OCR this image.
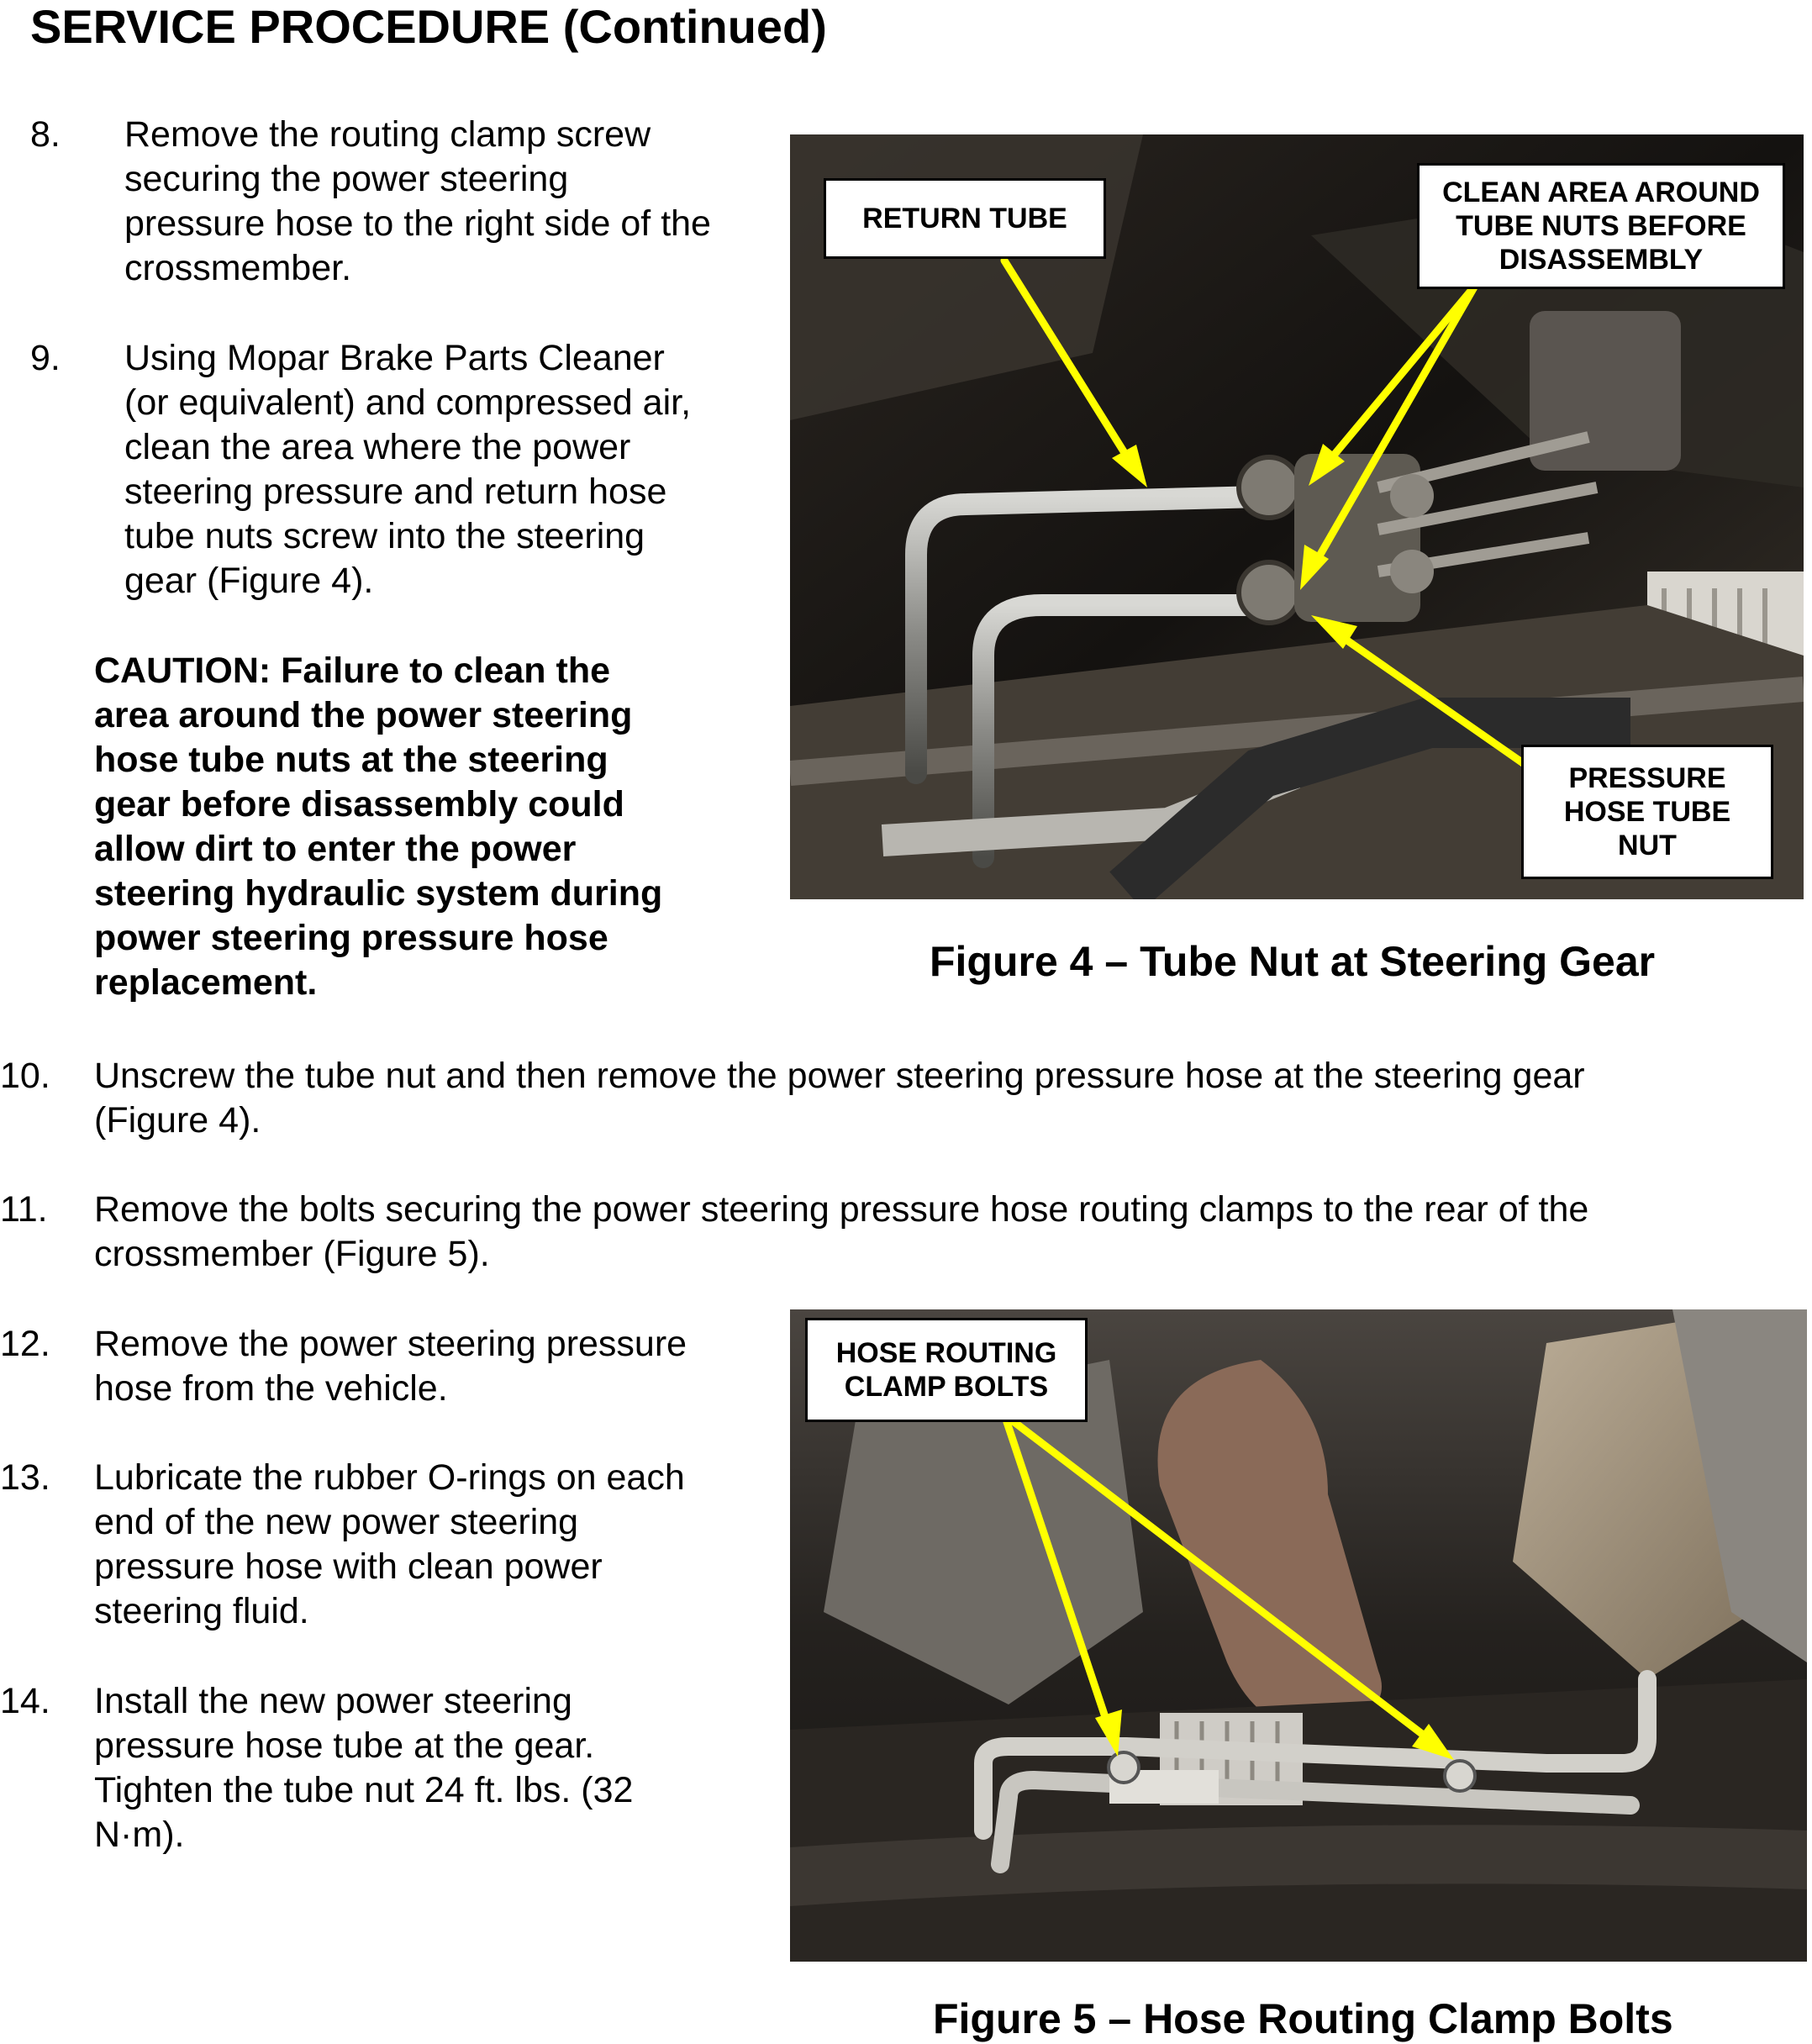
SERVICE PROCEDURE (Continued)
8. Remove the routing clamp screw
securing the power steering
pressure hose to the right side of the
crossmember.
9. Using Mopar Brake Parts Cleaner
(or equivalent) and compressed air,
clean the area where the power
steering pressure and return hose
tube nuts screw into the steering
gear (Figure 4).
CAUTION: Failure to clean the
area around the power steering
hose tube nuts at the steering
gear before disassembly could
allow dirt to enter the power
steering hydraulic system during
power steering pressure hose
replacement.
RETURN TUBE
CLEAN AREA AROUND
TUBE NUTS BEFORE
DISASSEMBLY
PRESSURE
HOSE TUBE
NUT
Figure 4 – Tube Nut at Steering Gear
10. Unscrew the tube nut and then remove the power steering pressure hose at the steering gear
(Figure 4).
11. Remove the bolts securing the power steering pressure hose routing clamps to the rear of the
crossmember (Figure 5).
12. Remove the power steering pressure
hose from the vehicle.
13. Lubricate the rubber O-rings on each
end of the new power steering
pressure hose with clean power
steering fluid.
14. Install the new power steering
pressure hose tube at the gear.
Tighten the tube nut 24 ft. lbs. (32
N·m).
HOSE ROUTING
CLAMP BOLTS
Figure 5 – Hose Routing Clamp Bolts
